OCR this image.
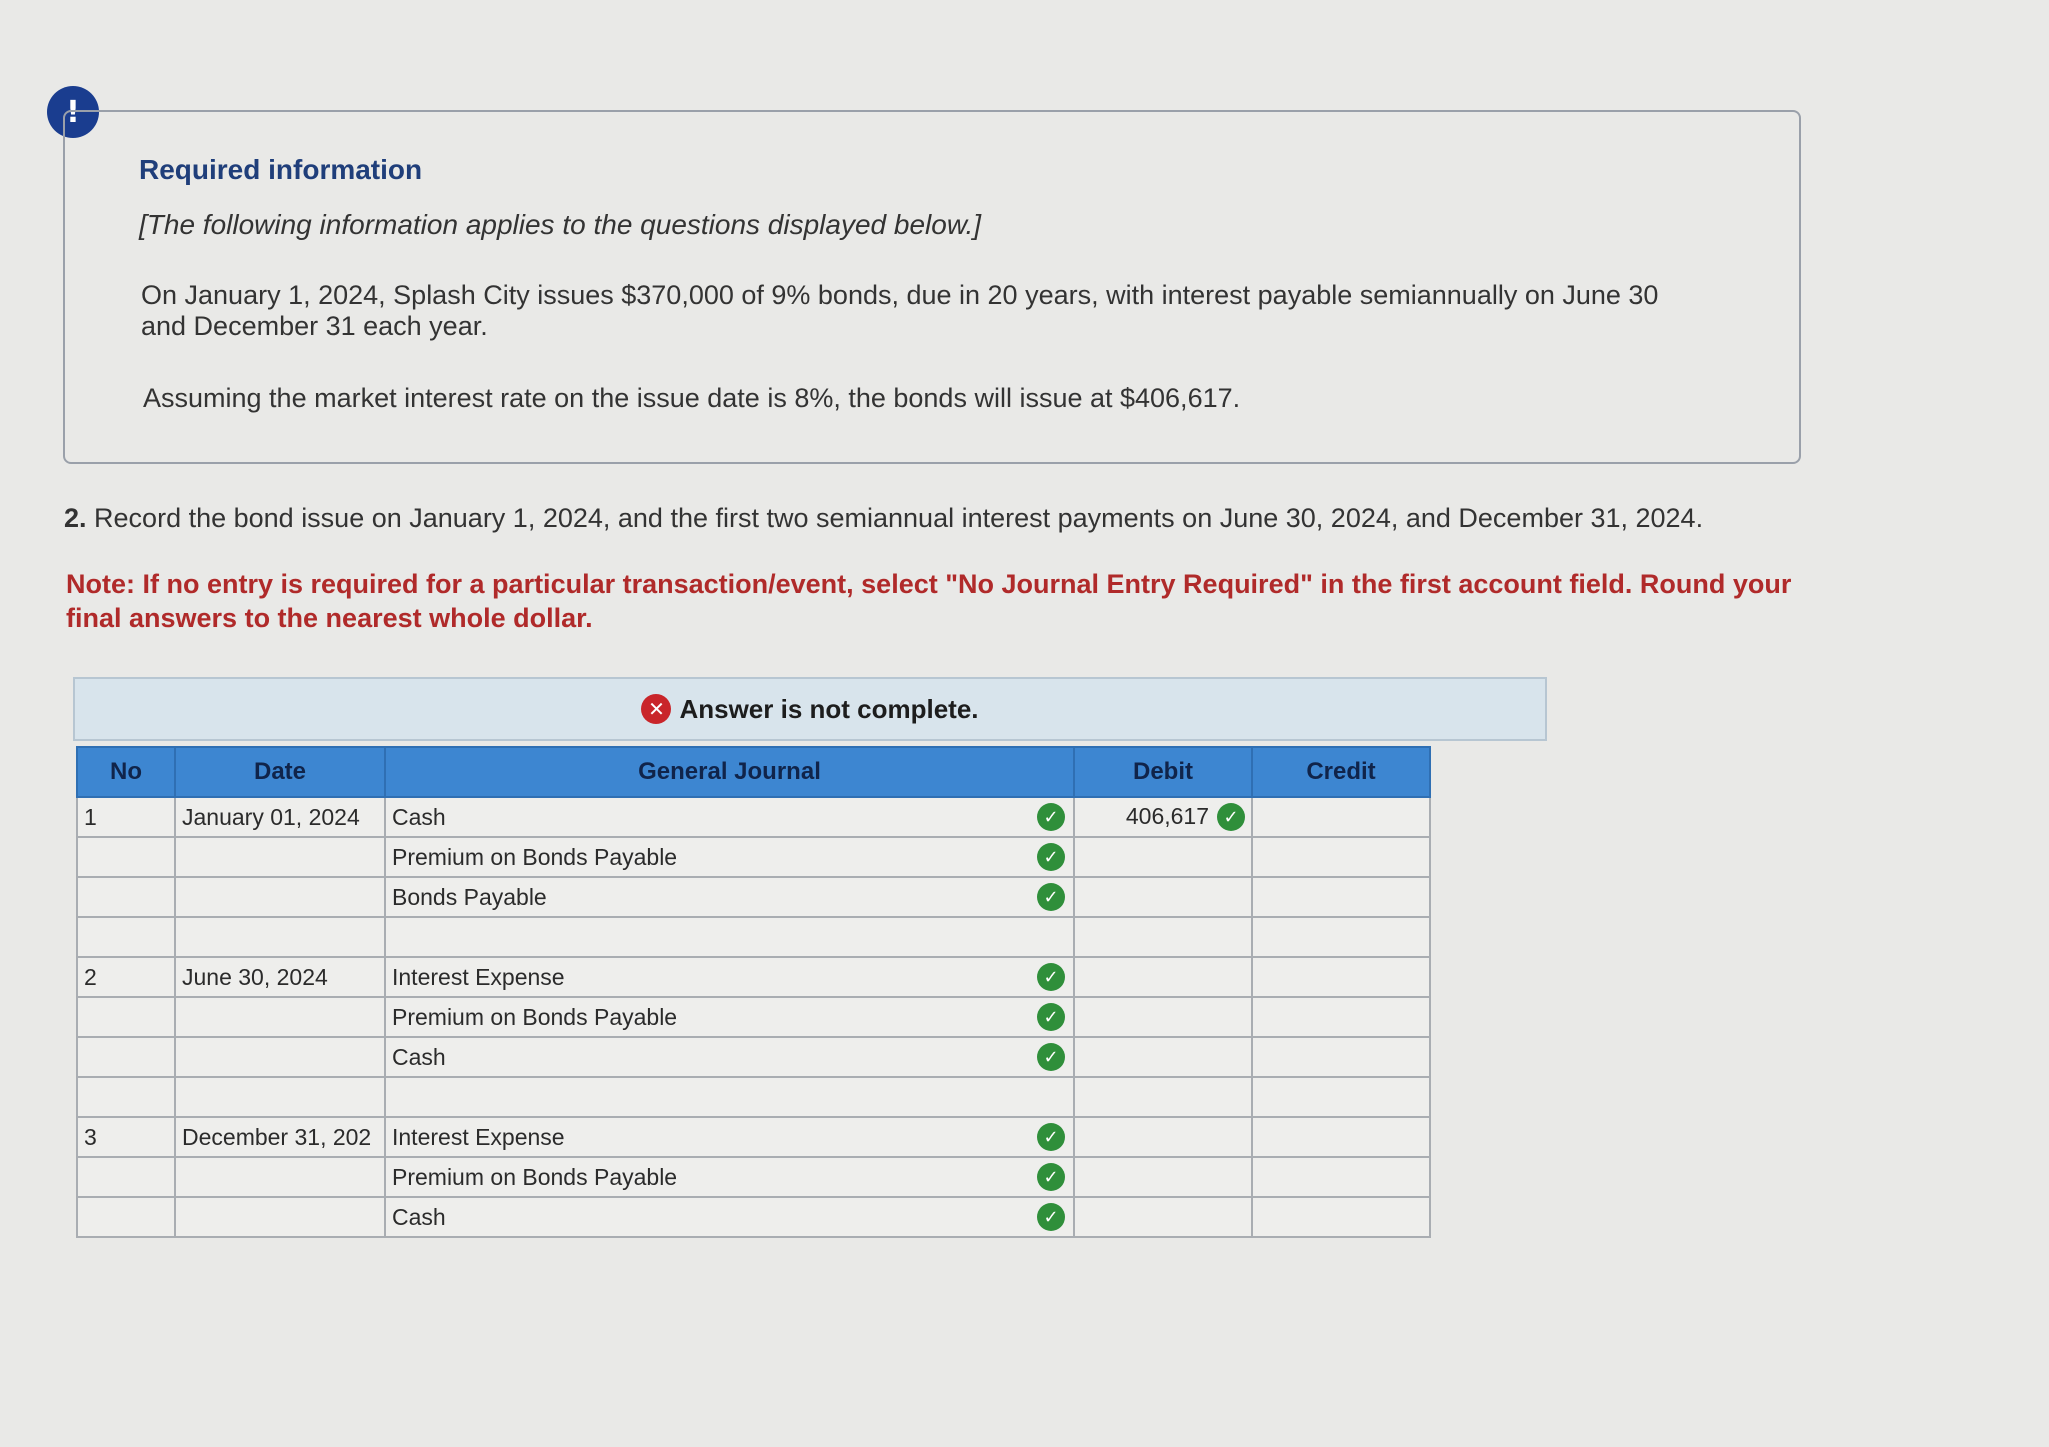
!
Required information
[The following information applies to the questions displayed below.]
On January 1, 2024, Splash City issues $370,000 of 9% bonds, due in 20 years, with interest payable semiannually on June 30 and December 31 each year.
Assuming the market interest rate on the issue date is 8%, the bonds will issue at $406,617.
2. Record the bond issue on January 1, 2024, and the first two semiannual interest payments on June 30, 2024, and December 31, 2024.
Note: If no entry is required for a particular transaction/event, select "No Journal Entry Required" in the first account field. Round your final answers to the nearest whole dollar.
✕ Answer is not complete.
No	Date	General Journal	Debit	Credit
1	January 01, 2024	Cash ✓	406,617 ✓	
		Premium on Bonds Payable ✓		

		Bonds Payable ✓		

2	June 30, 2024	Interest Expense ✓		

		Premium on Bonds Payable ✓		

		Cash ✓		

3	December 31, 202	Interest Expense ✓		

		Premium on Bonds Payable ✓		

		Cash ✓		
